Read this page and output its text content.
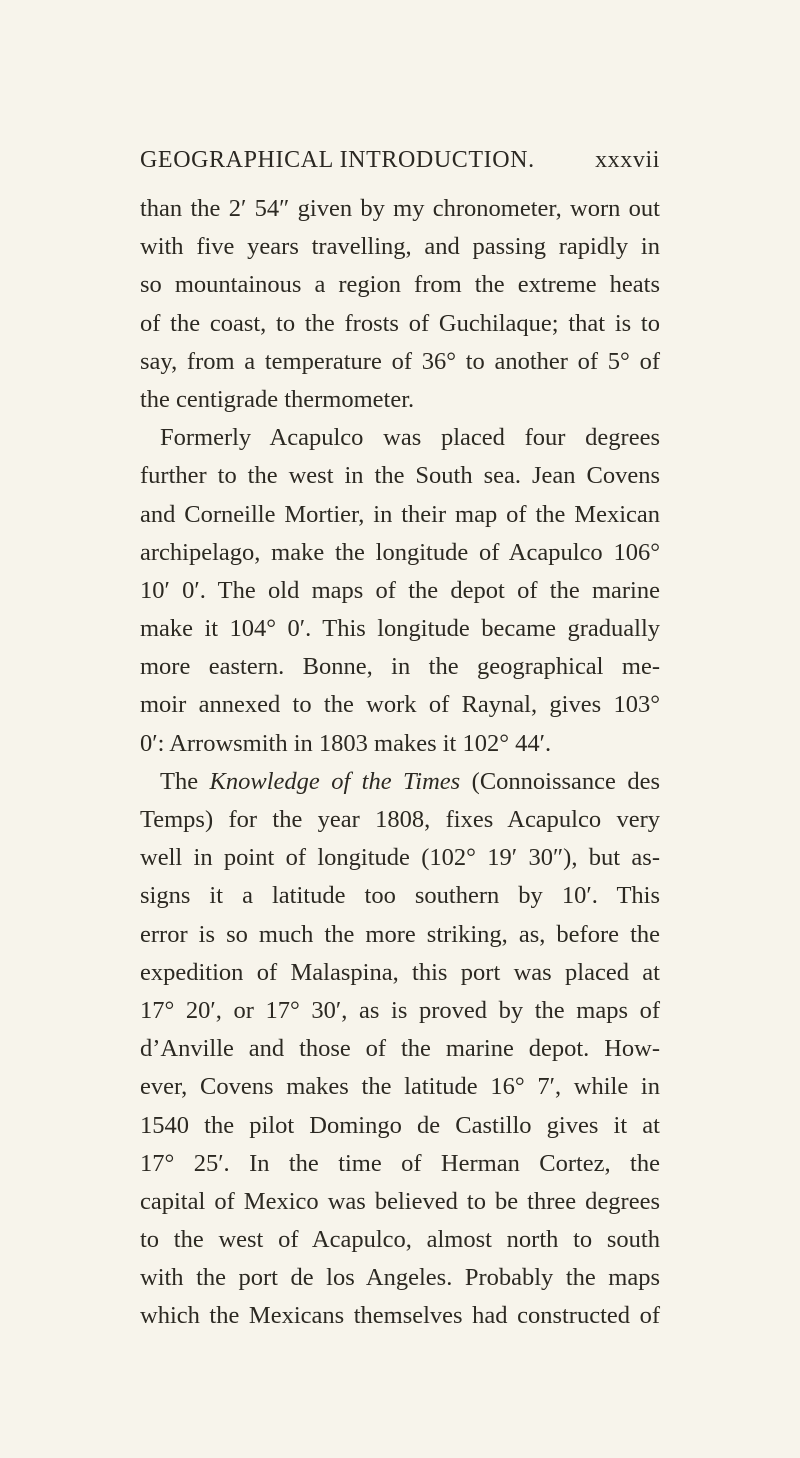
GEOGRAPHICAL INTRODUCTION.	xxxvii
than the 2′ 54″ given by my chronometer, worn out
with five years travelling, and passing rapidly in
so mountainous a region from the extreme heats
of the coast, to the frosts of Guchilaque; that is to
say, from a temperature of 36° to another of 5° of
the centigrade thermometer.
Formerly Acapulco was placed four degrees
further to the west in the South sea. Jean Covens
and Corneille Mortier, in their map of the Mexican
archipelago, make the longitude of Acapulco 106°
10′ 0′. The old maps of the depot of the marine
make it 104° 0′. This longitude became gradually
more eastern. Bonne, in the geographical me-
moir annexed to the work of Raynal, gives 103°
0′: Arrowsmith in 1803 makes it 102° 44′.
The Knowledge of the Times (Connoissance des
Temps) for the year 1808, fixes Acapulco very
well in point of longitude (102° 19′ 30″), but as-
signs it a latitude too southern by 10′. This
error is so much the more striking, as, before the
expedition of Malaspina, this port was placed at
17° 20′, or 17° 30′, as is proved by the maps of
d’Anville and those of the marine depot. How-
ever, Covens makes the latitude 16° 7′, while in
1540 the pilot Domingo de Castillo gives it at
17° 25′. In the time of Herman Cortez, the
capital of Mexico was believed to be three degrees
to the west of Acapulco, almost north to south
with the port de los Angeles. Probably the maps
which the Mexicans themselves had constructed of
